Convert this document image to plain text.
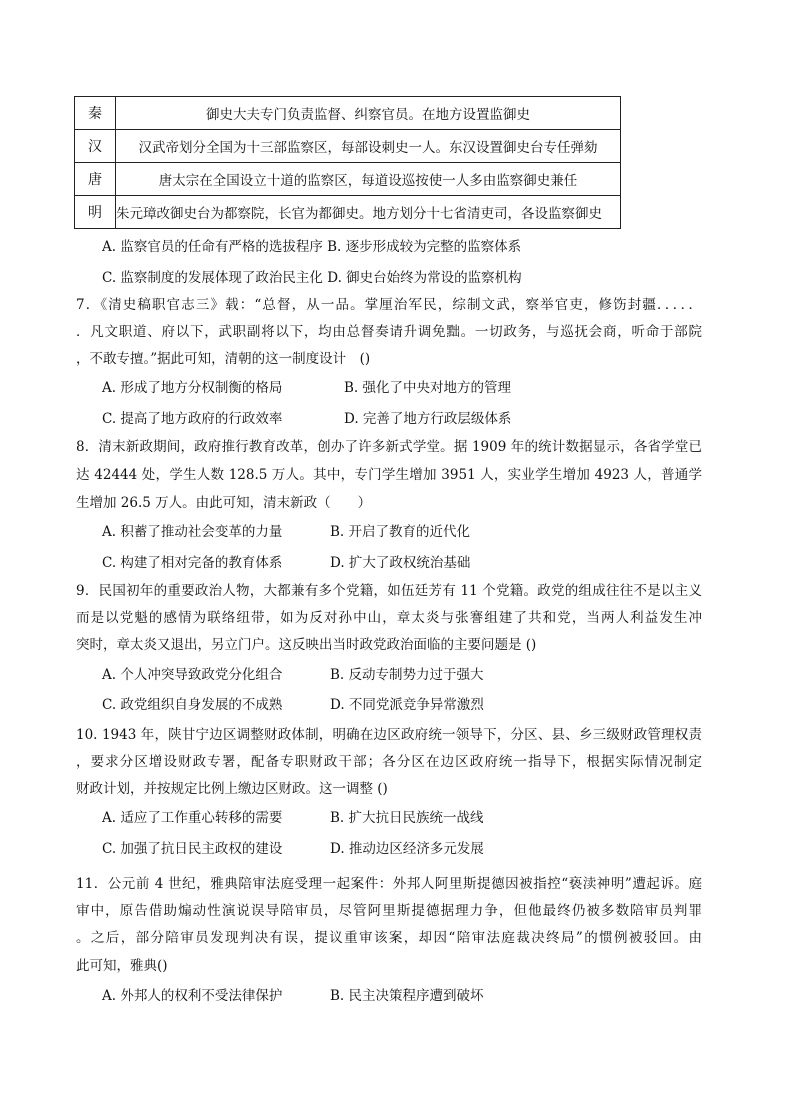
秦	御史大夫专门负责监督、纠察官员。在地方设置监御史
汉	汉武帝划分全国为十三部监察区，每部设刺史一人。东汉设置御史台专任弹劾
唐	唐太宗在全国设立十道的监察区，每道设巡按使一人多由监察御史兼任
明	朱元璋改御史台为都察院，长官为都御史。地方划分十七省清吏司，各设监察御史
A. 监察官员的任命有严格的选拔程序 B. 逐步形成较为完整的监察体系
C. 监察制度的发展体现了政治民主化 D. 御史台始终为常设的监察机构
7．《清史稿职官志三》载：“总督，从一品。掌厘治军民，综制文武，察举官吏，修饬封疆．．．．．
．凡文职道、府以下，武职副将以下，均由总督奏请升调免黜。一切政务，与巡抚会商，听命于部院
，不敢专擅。”据此可知，清朝的这一制度设计　()
A. 形成了地方分权制衡的格局	B. 强化了中央对地方的管理
C. 提高了地方政府的行政效率	D. 完善了地方行政层级体系
8．清末新政期间，政府推行教育改革，创办了许多新式学堂。据 1909 年的统计数据显示，各省学堂已
达 42444 处，学生人数 128.5 万人。其中，专门学生增加 3951 人，实业学生增加 4923 人，普通学
生增加 26.5 万人。由此可知，清末新政（　　）
A. 积蓄了推动社会变革的力量	B. 开启了教育的近代化
C. 构建了相对完备的教育体系	D. 扩大了政权统治基础
9．民国初年的重要政治人物，大都兼有多个党籍，如伍廷芳有 11 个党籍。政党的组成往往不是以主义
而是以党魁的感情为联络纽带，如为反对孙中山，章太炎与张謇组建了共和党，当两人利益发生冲
突时，章太炎又退出，另立门户。这反映出当时政党政治面临的主要问题是 ()
A. 个人冲突导致政党分化组合	B. 反动专制势力过于强大
C. 政党组织自身发展的不成熟	D. 不同党派竞争异常激烈
10. 1943 年，陕甘宁边区调整财政体制，明确在边区政府统一领导下，分区、县、乡三级财政管理权责
，要求分区增设财政专署，配备专职财政干部；各分区在边区政府统一指导下，根据实际情况制定
财政计划，并按规定比例上缴边区财政。这一调整 ()
A. 适应了工作重心转移的需要	B. 扩大抗日民族统一战线
C. 加强了抗日民主政权的建设	D. 推动边区经济多元发展
11．公元前 4 世纪，雅典陪审法庭受理一起案件：外邦人阿里斯提德因被指控“亵渎神明”遭起诉。庭
审中，原告借助煽动性演说误导陪审员，尽管阿里斯提德据理力争，但他最终仍被多数陪审员判罪
。之后，部分陪审员发现判决有误，提议重审该案，却因“陪审法庭裁决终局”的惯例被驳回。由
此可知，雅典()
A. 外邦人的权利不受法律保护	B. 民主决策程序遭到破坏
